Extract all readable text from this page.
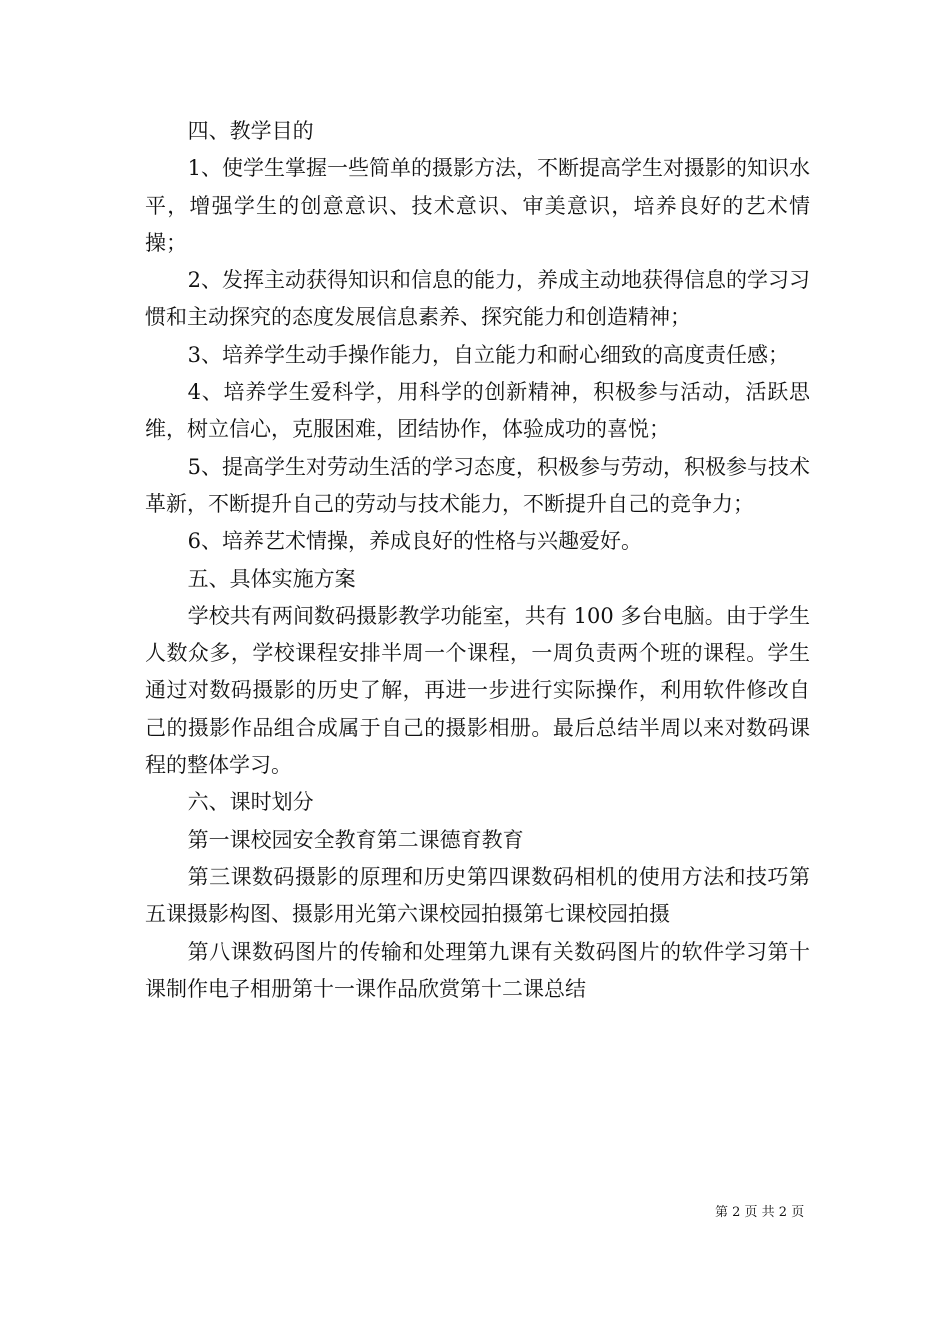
四、教学目的

1、使学生掌握一些简单的摄影方法，不断提高学生对摄影的知识水平，增强学生的创意意识、技术意识、审美意识，培养良好的艺术情操；

2、发挥主动获得知识和信息的能力，养成主动地获得信息的学习习惯和主动探究的态度发展信息素养、探究能力和创造精神；

3、培养学生动手操作能力，自立能力和耐心细致的高度责任感；

4、培养学生爱科学，用科学的创新精神，积极参与活动，活跃思维，树立信心，克服困难，团结协作，体验成功的喜悦；

5、提高学生对劳动生活的学习态度，积极参与劳动，积极参与技术革新，不断提升自己的劳动与技术能力，不断提升自己的竞争力；

6、培养艺术情操，养成良好的性格与兴趣爱好。

五、具体实施方案

学校共有两间数码摄影教学功能室，共有 100 多台电脑。由于学生人数众多，学校课程安排半周一个课程，一周负责两个班的课程。学生通过对数码摄影的历史了解，再进一步进行实际操作，利用软件修改自己的摄影作品组合成属于自己的摄影相册。最后总结半周以来对数码课程的整体学习。

六、课时划分

第一课校园安全教育第二课德育教育

第三课数码摄影的原理和历史第四课数码相机的使用方法和技巧第五课摄影构图、摄影用光第六课校园拍摄第七课校园拍摄

第八课数码图片的传输和处理第九课有关数码图片的软件学习第十课制作电子相册第十一课作品欣赏第十二课总结

第 2 页 共 2 页
